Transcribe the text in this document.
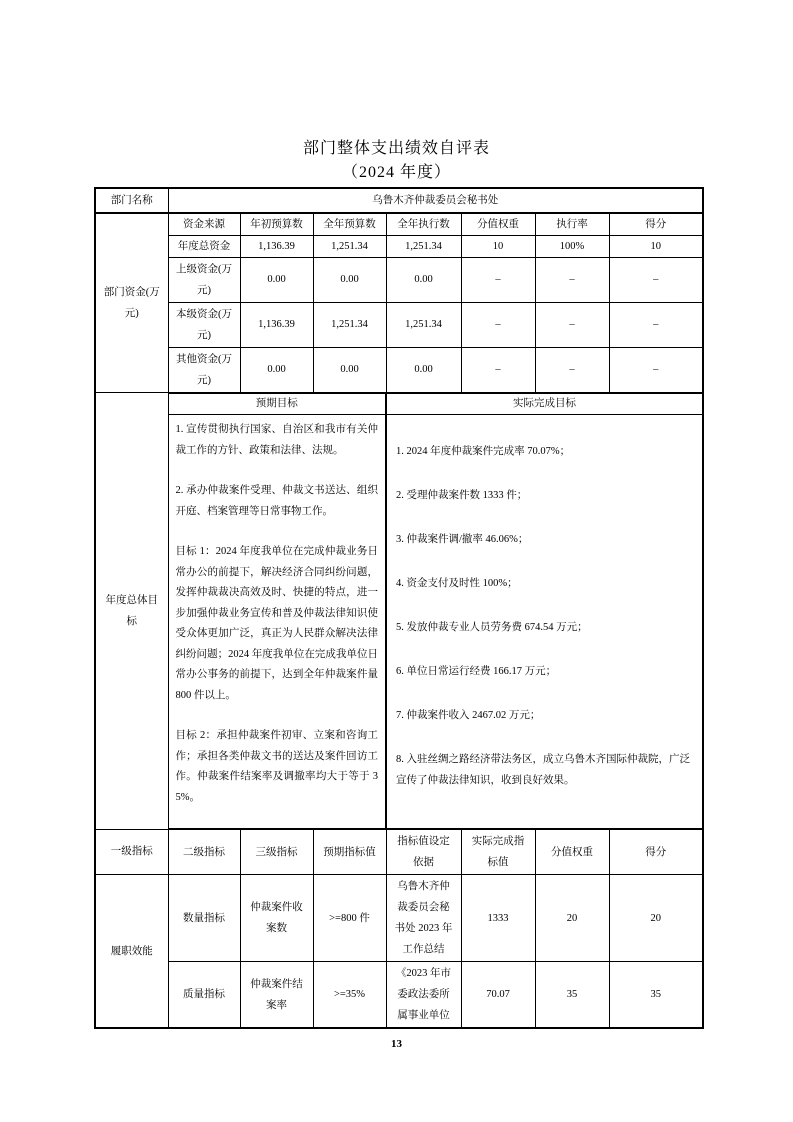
部门整体支出绩效自评表
（2024 年度）
部门名称	乌鲁木齐仲裁委员会秘书处						
部门资金(万元)	资金来源	年初预算数	全年预算数	全年执行数	分值权重	执行率	得分
	年度总资金	1,136.39	1,251.34	1,251.34	10	100%	10
	上级资金(万元)	0.00	0.00	0.00	–	–	–
	本级资金(万元)	1,136.39	1,251.34	1,251.34	–	–	–
	其他资金(万元)	0.00	0.00	0.00	–	–	–
年度总体目标	预期目标			实际完成目标			

1. 宣传贯彻执行国家、自治区和我市有关仲裁工作的方针、政策和法律、法规。

2. 承办仲裁案件受理、仲裁文书送达、组织开庭、档案管理等日常事物工作。

目标 1：2024 年度我单位在完成仲裁业务日常办公的前提下，解决经济合同纠纷问题，发挥仲裁裁决高效及时、快捷的特点，进一步加强仲裁业务宣传和普及仲裁法律知识使受众体更加广泛，真正为人民群众解决法律纠纷问题；2024 年度我单位在完成我单位日常办公事务的前提下，达到全年仲裁案件量 800 件以上。

目标 2：承担仲裁案件初审、立案和咨询工作；承担各类仲裁文书的送达及案件回访工作。仲裁案件结案率及调撤率均大于等于 35%。

1. 2024 年度仲裁案件完成率 70.07%；
2. 受理仲裁案件数 1333 件；
3. 仲裁案件调/撤率 46.06%；
4. 资金支付及时性 100%；
5. 发放仲裁专业人员劳务费 674.54 万元；
6. 单位日常运行经费 166.17 万元；
7. 仲裁案件收入 2467.02 万元；
8. 入驻丝绸之路经济带法务区，成立乌鲁木齐国际仲裁院，广泛宣传了仲裁法律知识，收到良好效果。

一级指标	二级指标	三级指标	预期指标值	指标值设定依据	实际完成指标值	分值权重	得分
履职效能	数量指标	仲裁案件收案数	>=800 件	乌鲁木齐仲裁委员会秘书处 2023 年工作总结	1333	20	20
	质量指标	仲裁案件结案率	>=35%	《2023 年市委政法委所属事业单位	70.07	35	35
13
